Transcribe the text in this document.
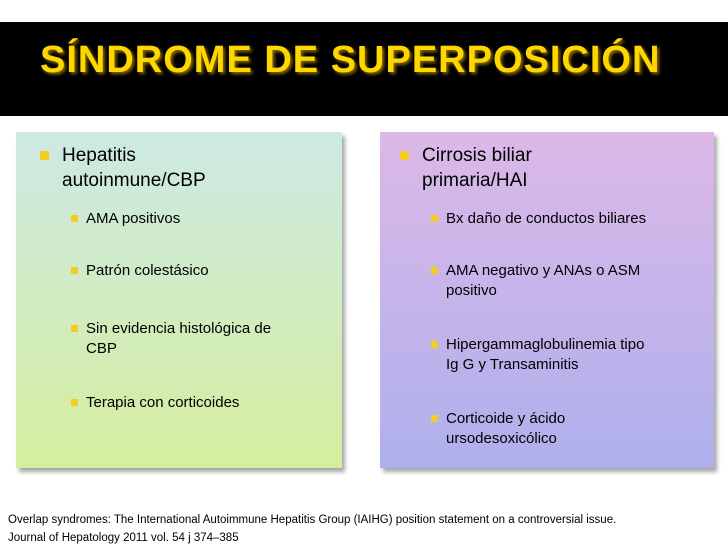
SÍNDROME DE SUPERPOSICIÓN
Hepatitis
autoinmune/CBP
AMA positivos
Patrón colestásico
Sin evidencia histológica de
CBP
Terapia con corticoides
Cirrosis biliar
primaria/HAI
Bx daño de conductos biliares
AMA negativo y ANAs o ASM
positivo
Hipergammaglobulinemia tipo
Ig G y Transaminitis
Corticoide y ácido
ursodesoxicólico
Overlap syndromes: The International Autoimmune Hepatitis Group (IAIHG) position statement on a controversial issue.
Journal of Hepatology 2011 vol. 54 j 374–385
